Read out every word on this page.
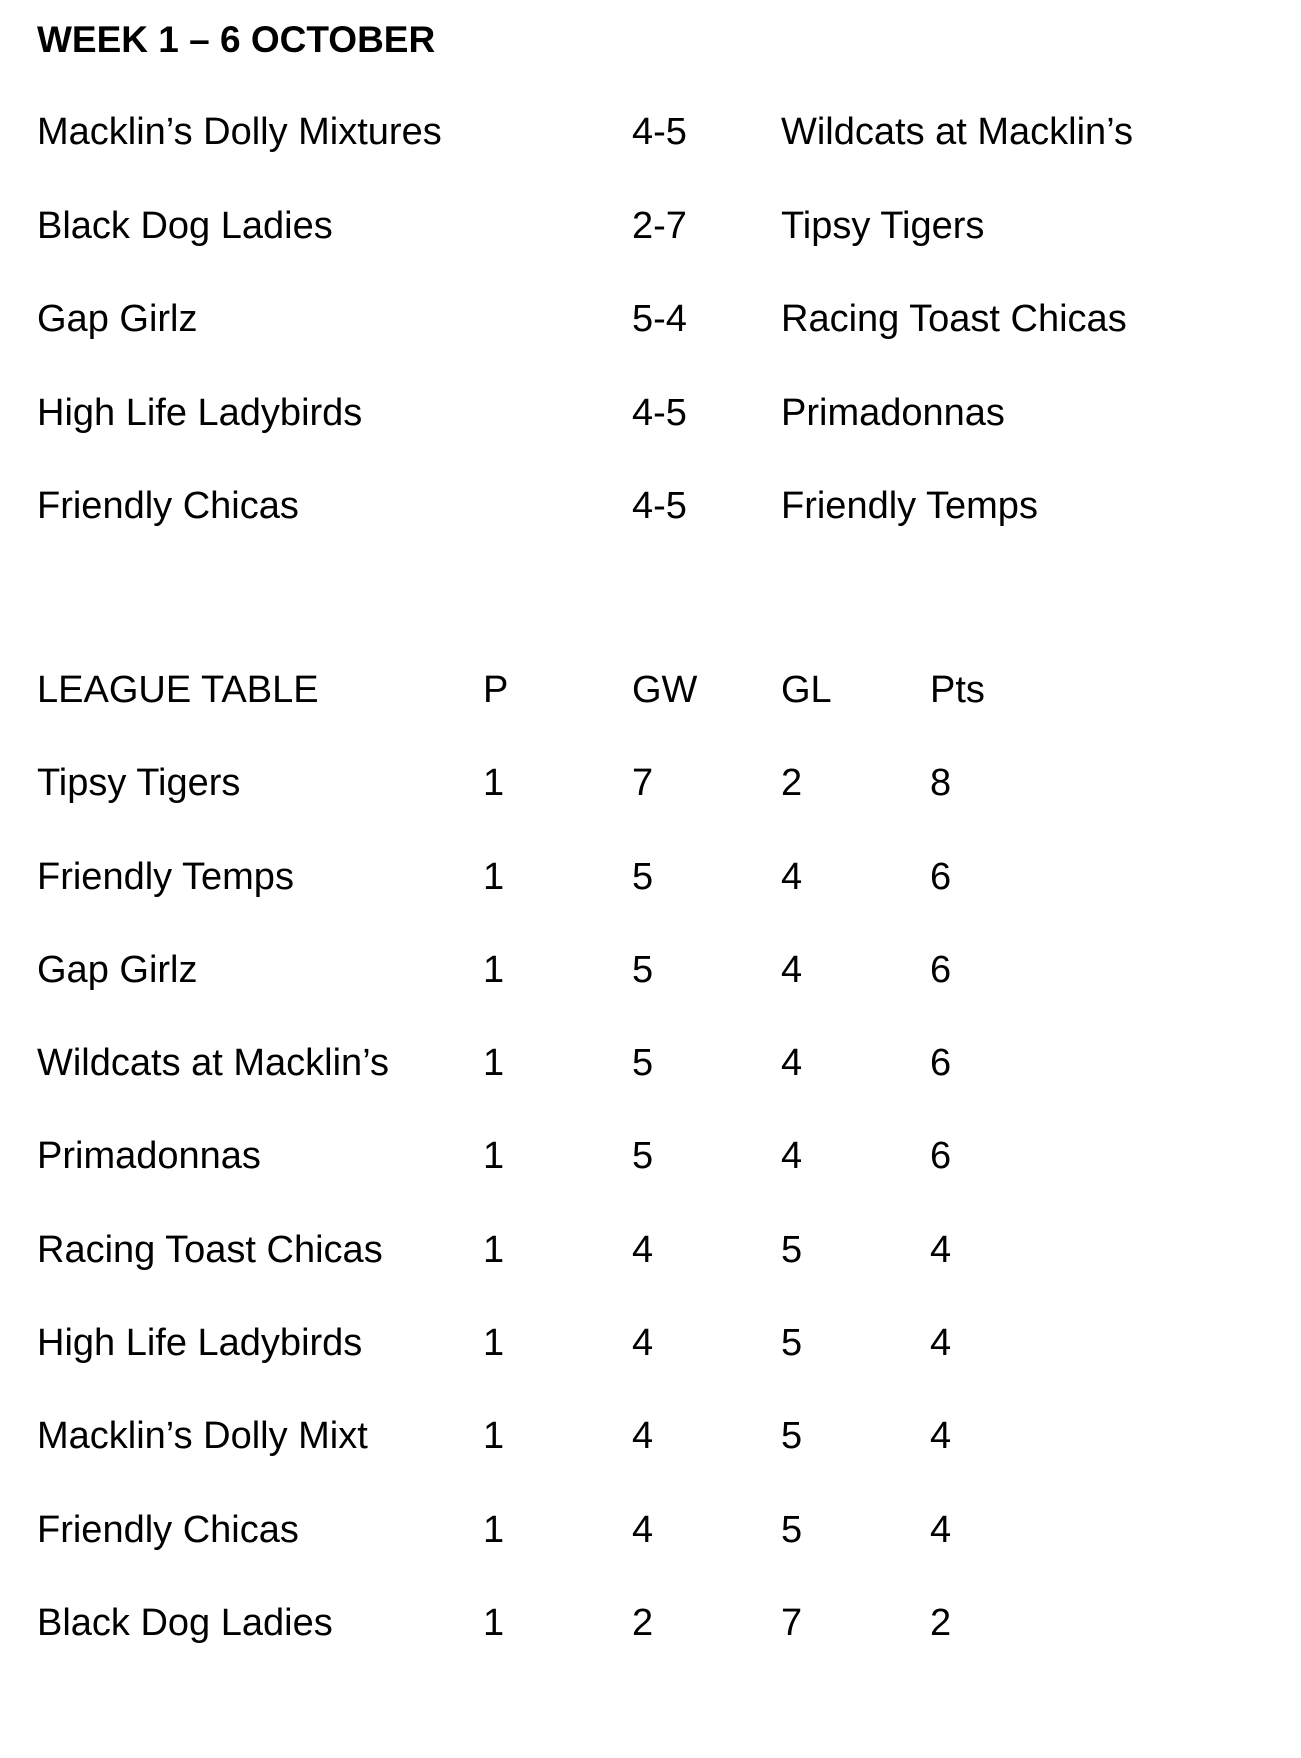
WEEK 1 – 6 OCTOBER
Macklin’s Dolly Mixtures	4-5 Wildcats at Macklin’s
Black Dog Ladies	2-7 Tipsy Tigers
Gap Girlz	5-4 Racing Toast Chicas
High Life Ladybirds	4-5 Primadonnas
Friendly Chicas	4-5 Friendly Temps
LEAGUE TABLE	P	GW GL	Pts
Tipsy Tigers	1	7	2	8
Friendly Temps	1	5	4	6
Gap Girlz	1	5	4	6
Wildcats at Macklin’s 1	5	4	6
Primadonnas	1	5	4	6
Racing Toast Chicas	1	4	5	4
High Life Ladybirds	1	4	5	4
Macklin’s Dolly Mixt	1	4	5	4
Friendly Chicas	1	4	5	4
Black Dog Ladies	1	2	7	2
